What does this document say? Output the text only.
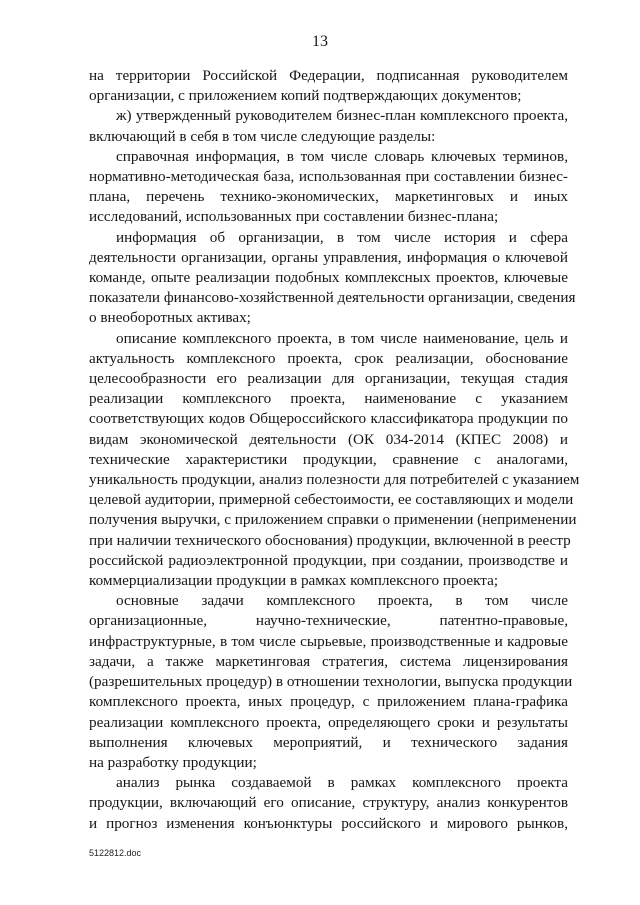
13
на территории Российской Федерации, подписанная руководителем
организации, с приложением копий подтверждающих документов;
ж) утвержденный руководителем бизнес-план комплексного проекта,
включающий в себя в том числе следующие разделы:
справочная информация, в том числе словарь ключевых терминов,
нормативно-методическая база, использованная при составлении бизнес-
плана, перечень технико-экономических, маркетинговых и иных
исследований, использованных при составлении бизнес-плана;
информация об организации, в том числе история и сфера
деятельности организации, органы управления, информация о ключевой
команде, опыте реализации подобных комплексных проектов, ключевые
показатели финансово-хозяйственной деятельности организации, сведения
о внеоборотных активах;
описание комплексного проекта, в том числе наименование, цель и
актуальность комплексного проекта, срок реализации, обоснование
целесообразности его реализации для организации, текущая стадия
реализации комплексного проекта, наименование с указанием
соответствующих кодов Общероссийского классификатора продукции по
видам экономической деятельности (ОК 034-2014 (КПЕС 2008) и
технические характеристики продукции, сравнение с аналогами,
уникальность продукции, анализ полезности для потребителей с указанием
целевой аудитории, примерной себестоимости, ее составляющих и модели
получения выручки, с приложением справки о применении (неприменении
при наличии технического обоснования) продукции, включенной в реестр
российской радиоэлектронной продукции, при создании, производстве и
коммерциализации продукции в рамках комплексного проекта;
основные задачи комплексного проекта, в том числе
организационные, научно-технические, патентно-правовые,
инфраструктурные, в том числе сырьевые, производственные и кадровые
задачи, а также маркетинговая стратегия, система лицензирования
(разрешительных процедур) в отношении технологии, выпуска продукции
комплексного проекта, иных процедур, с приложением плана-графика
реализации комплексного проекта, определяющего сроки и результаты
выполнения ключевых мероприятий, и технического задания
на разработку продукции;
анализ рынка создаваемой в рамках комплексного проекта
продукции, включающий его описание, структуру, анализ конкурентов
и прогноз изменения конъюнктуры российского и мирового рынков,
5122812.doc
